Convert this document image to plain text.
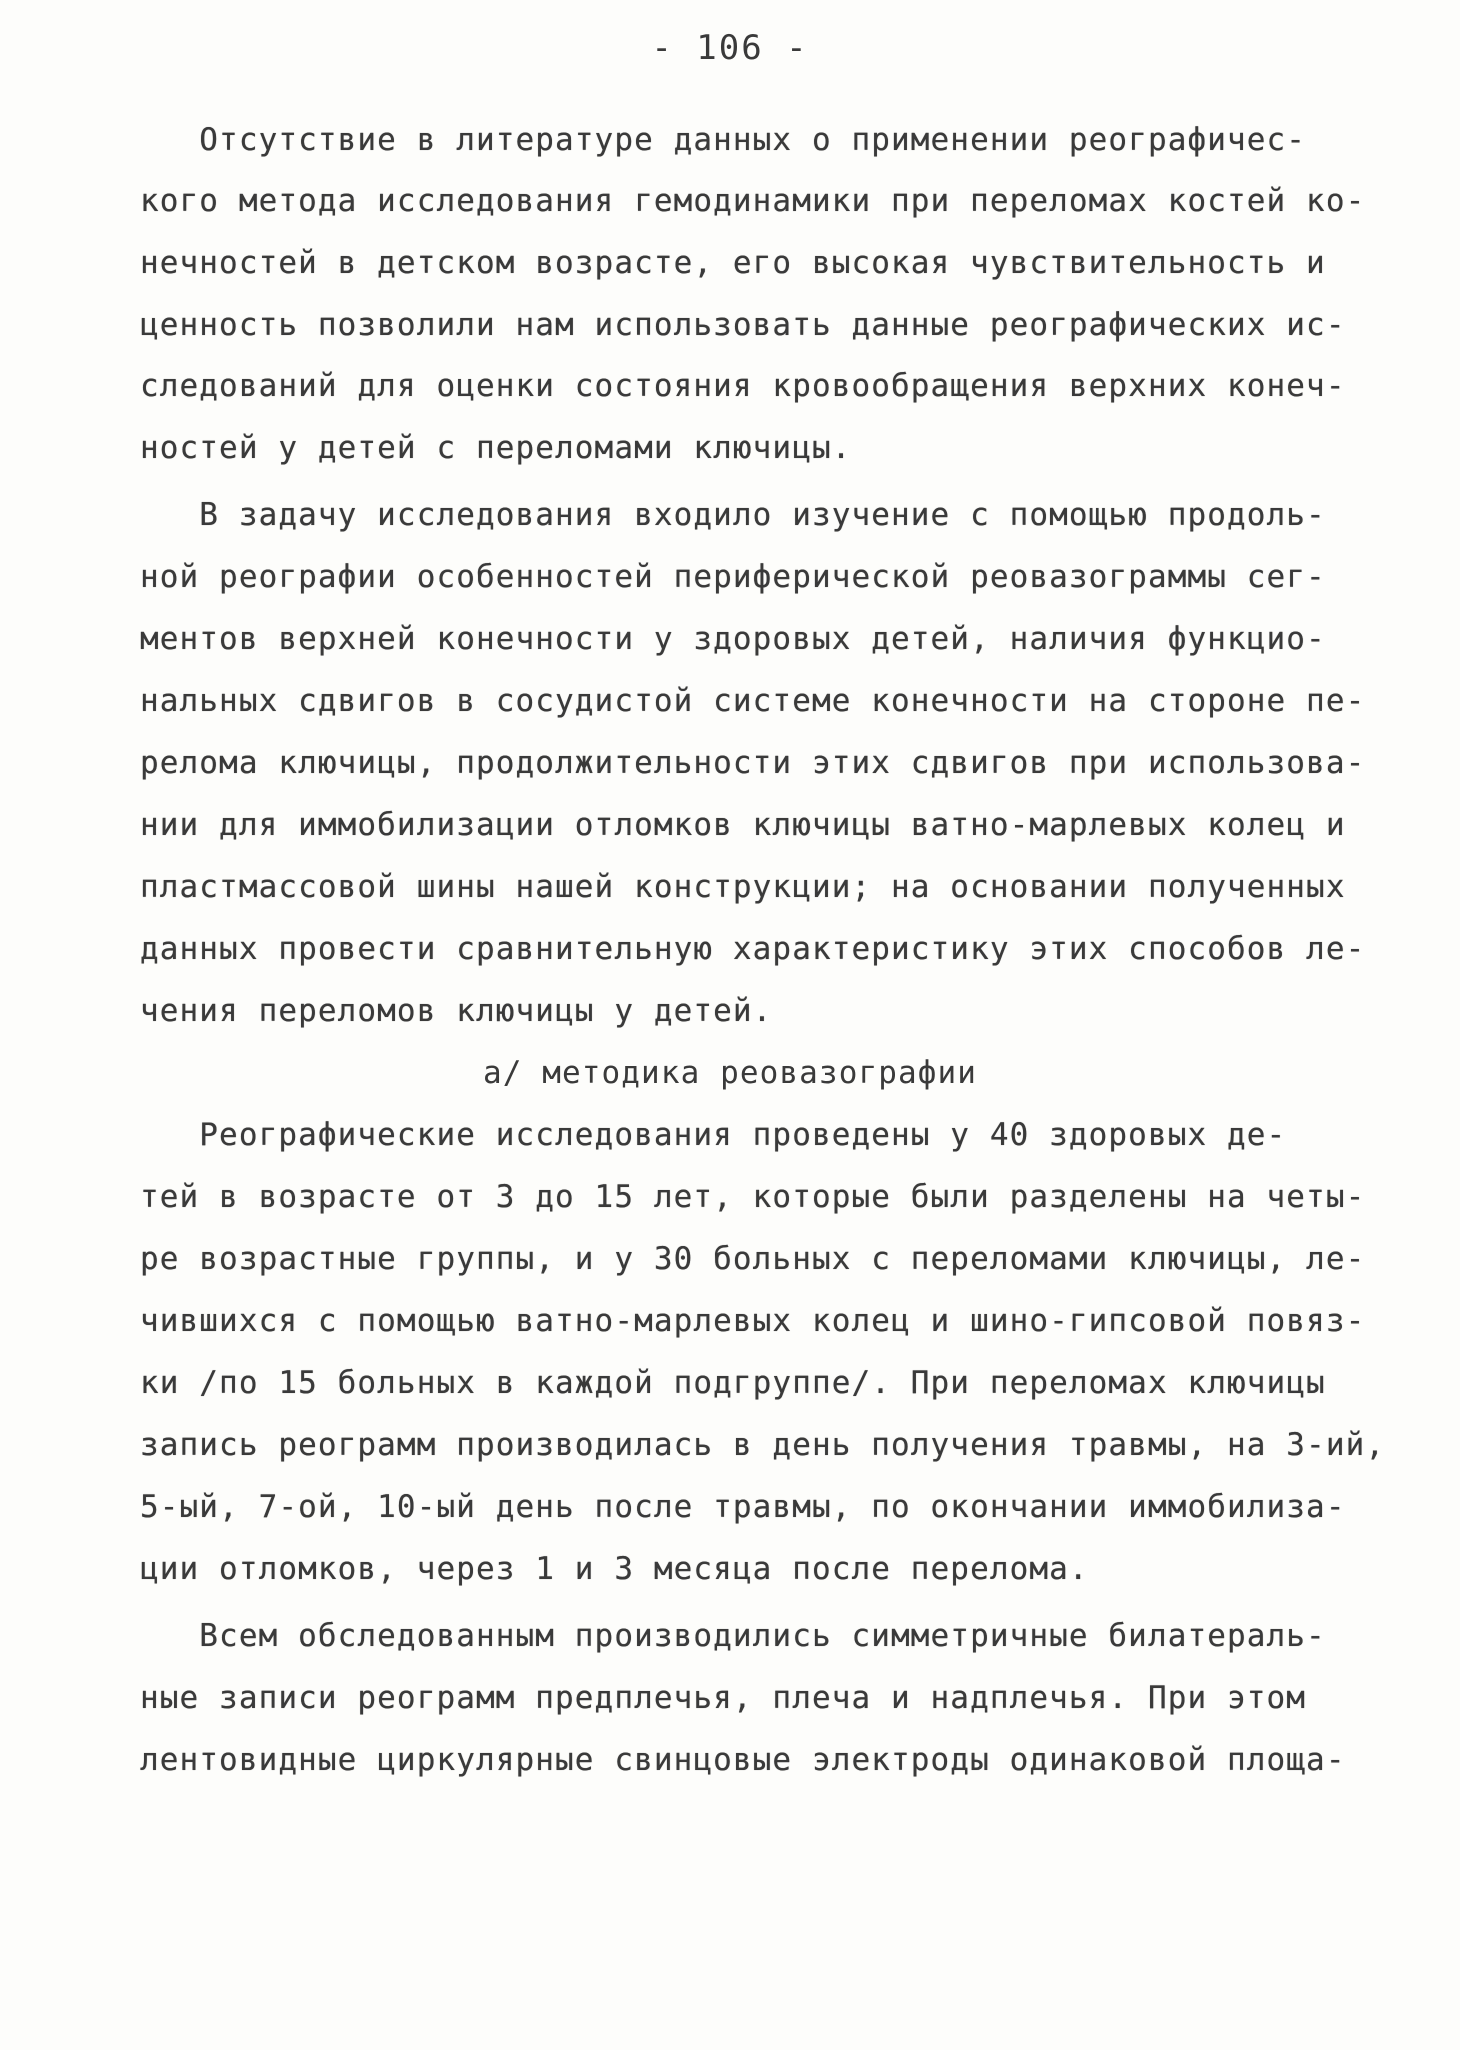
- 106 -
Отсутствие в литературе данных о применении реографичес-
кого метода исследования гемодинамики при переломах костей ко-
нечностей в детском возрасте, его высокая чувствительность и
ценность позволили нам использовать данные реографических ис-
следований для оценки состояния кровообращения верхних конеч-
ностей у детей с переломами ключицы.
В задачу исследования входило изучение с помощью продоль-
ной реографии особенностей периферической реовазограммы сег-
ментов верхней конечности у здоровых детей, наличия функцио-
нальных сдвигов в сосудистой системе конечности на стороне пе-
релома ключицы, продолжительности этих сдвигов при использова-
нии для иммобилизации отломков ключицы ватно-марлевых колец и
пластмассовой шины нашей конструкции; на основании полученных
данных провести сравнительную характеристику этих способов ле-
чения переломов ключицы у детей.
а/ методика реовазографии
Реографические исследования проведены у 40 здоровых де-
тей в возрасте от 3 до 15 лет, которые были разделены на четы-
ре возрастные группы, и у 30 больных с переломами ключицы, ле-
чившихся с помощью ватно-марлевых колец и шино-гипсовой повяз-
ки /по 15 больных в каждой подгруппе/. При переломах ключицы
запись реограмм производилась в день получения травмы, на 3-ий,
5-ый, 7-ой, 10-ый день после травмы, по окончании иммобилиза-
ции отломков, через 1 и 3 месяца после перелома.
Всем обследованным производились симметричные билатераль-
ные записи реограмм предплечья, плеча и надплечья. При этом
лентовидные циркулярные свинцовые электроды одинаковой площа-
